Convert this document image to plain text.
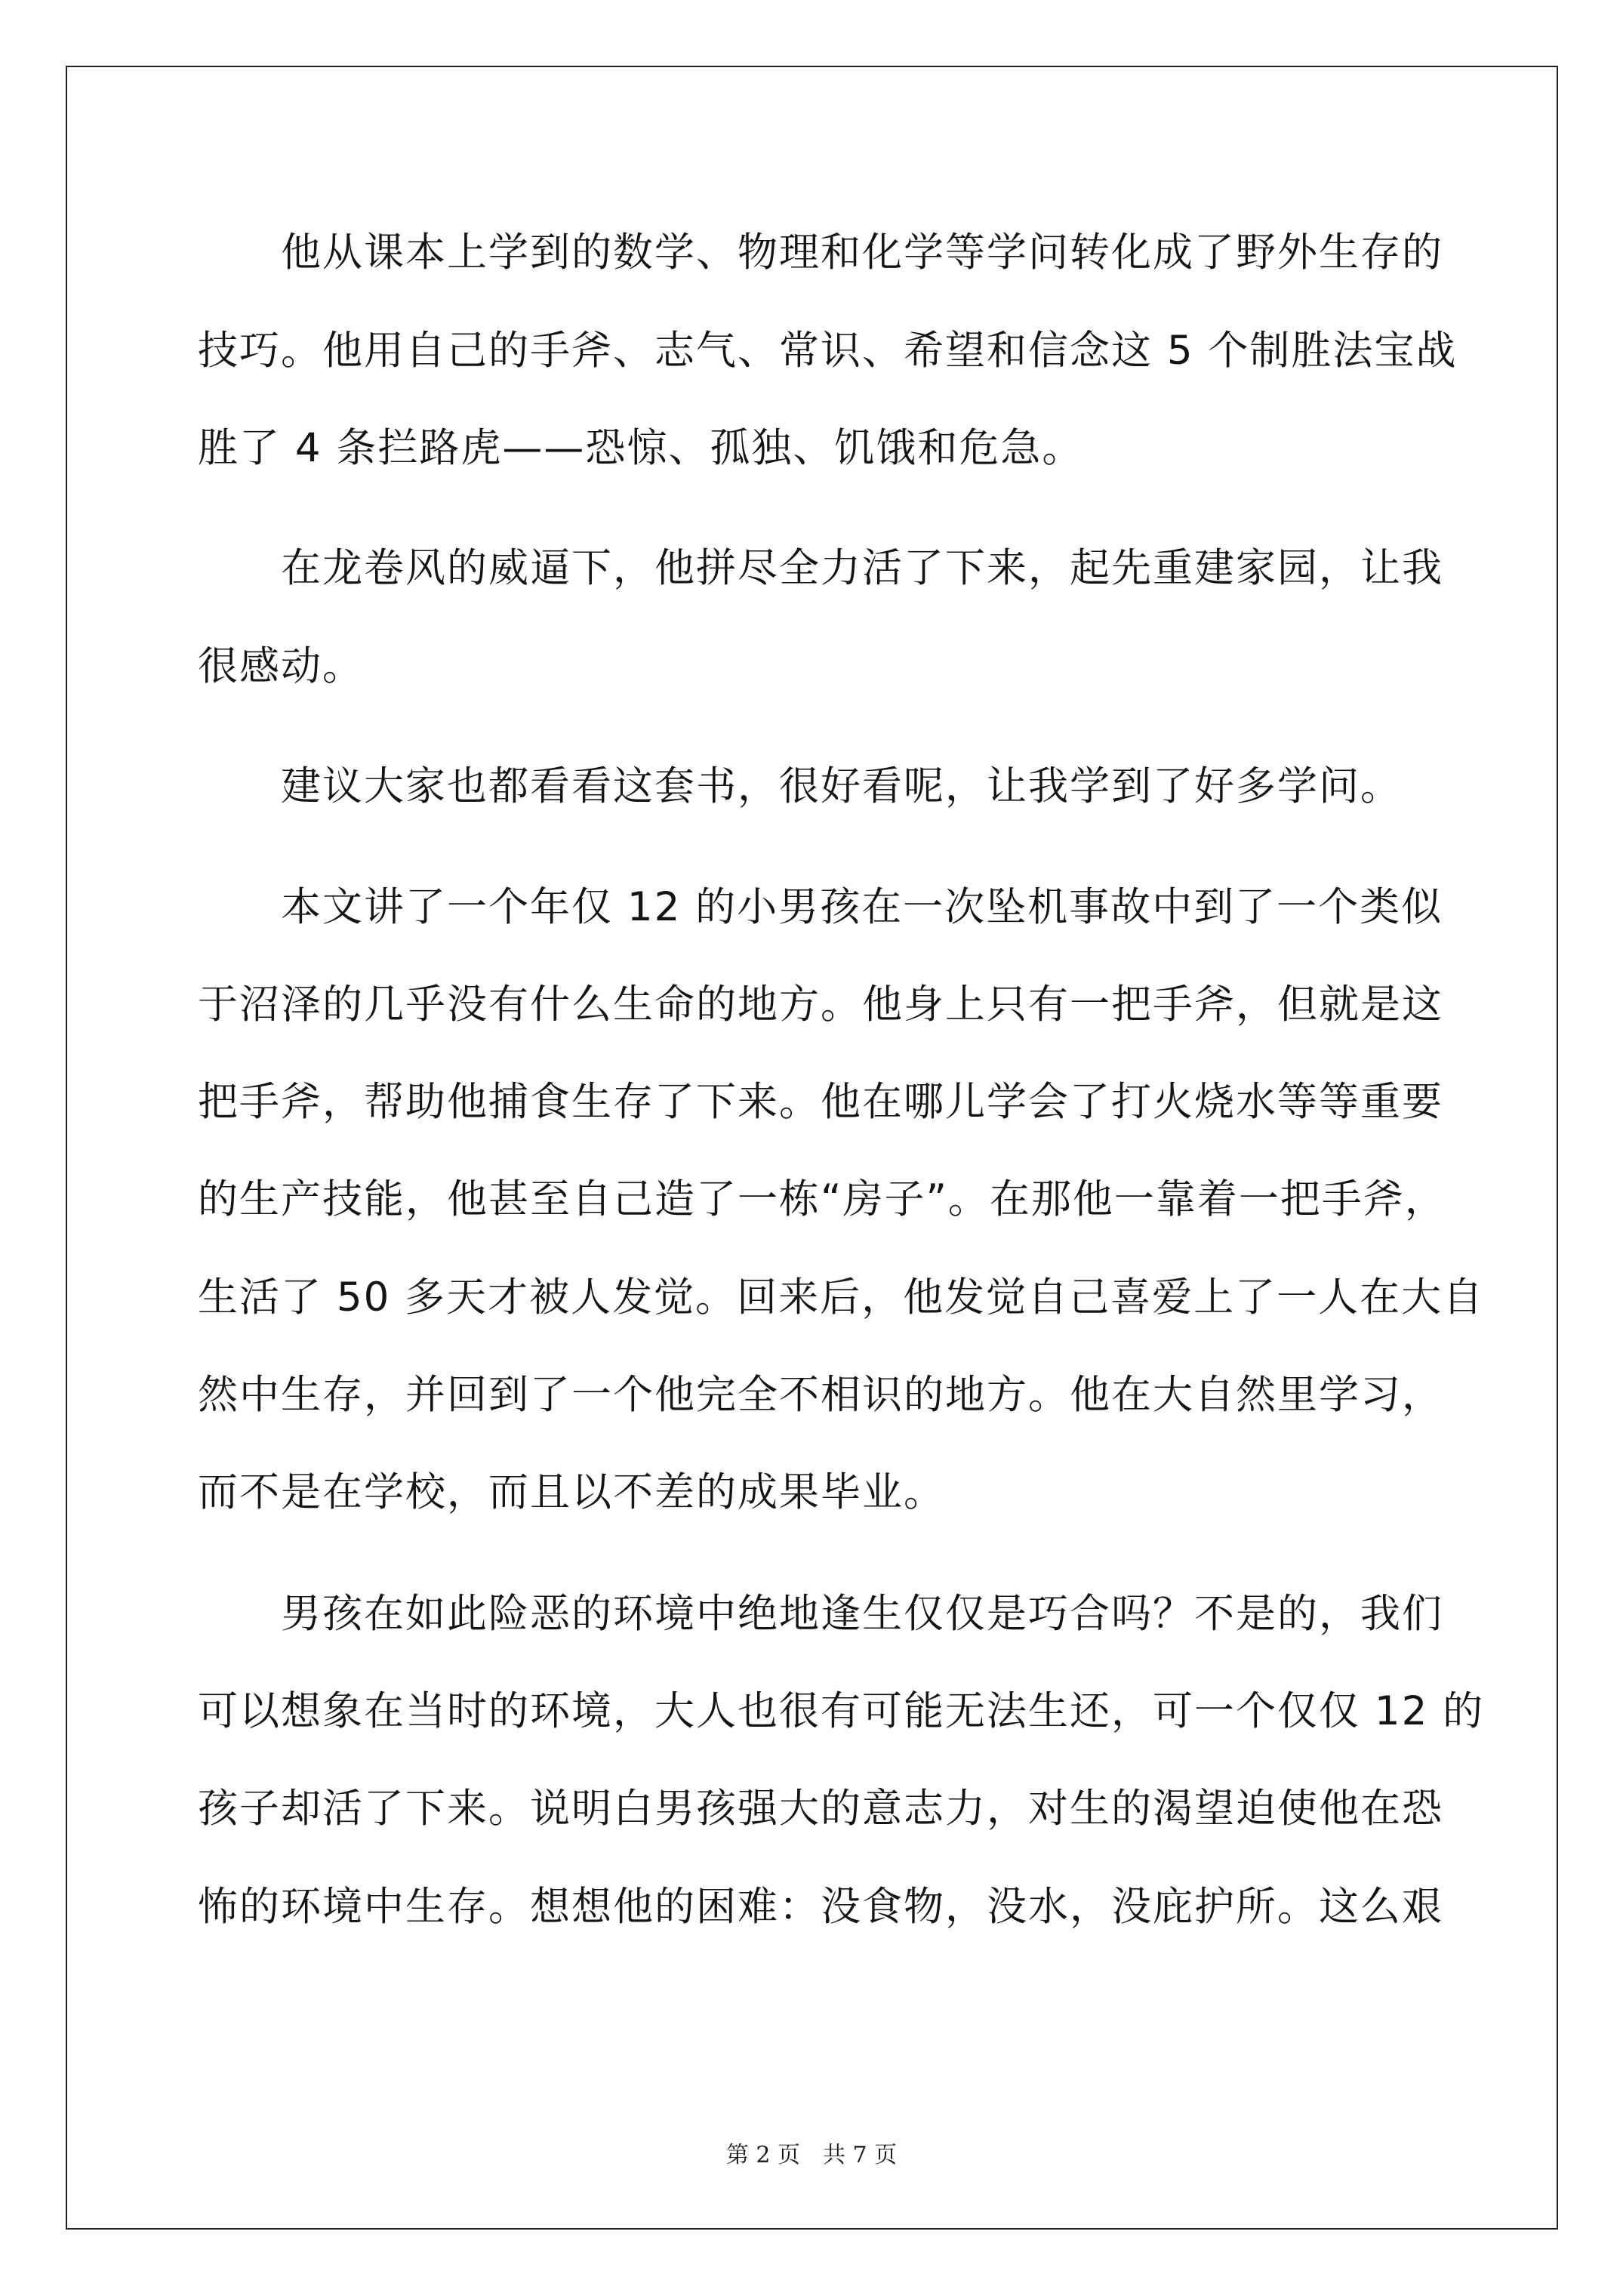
他从课本上学到的数学、物理和化学等学问转化成了野外生存的

技巧。他用自己的手斧、志气、常识、希望和信念这 5 个制胜法宝战

胜了 4 条拦路虎——恐惊、孤独、饥饿和危急。

在龙卷风的威逼下，他拼尽全力活了下来，起先重建家园，让我

很感动。

建议大家也都看看这套书，很好看呢，让我学到了好多学问。

本文讲了一个年仅 12 的小男孩在一次坠机事故中到了一个类似

于沼泽的几乎没有什么生命的地方。他身上只有一把手斧，但就是这

把手斧，帮助他捕食生存了下来。他在哪儿学会了打火烧水等等重要

的生产技能，他甚至自己造了一栋“房子”。在那他一靠着一把手斧，

生活了 50 多天才被人发觉。回来后，他发觉自己喜爱上了一人在大自

然中生存，并回到了一个他完全不相识的地方。他在大自然里学习，

而不是在学校，而且以不差的成果毕业。

男孩在如此险恶的环境中绝地逢生仅仅是巧合吗？不是的，我们

可以想象在当时的环境，大人也很有可能无法生还，可一个仅仅 12 的

孩子却活了下来。说明白男孩强大的意志力，对生的渴望迫使他在恐

怖的环境中生存。想想他的困难：没食物，没水，没庇护所。这么艰

第 2 页　共 7 页
